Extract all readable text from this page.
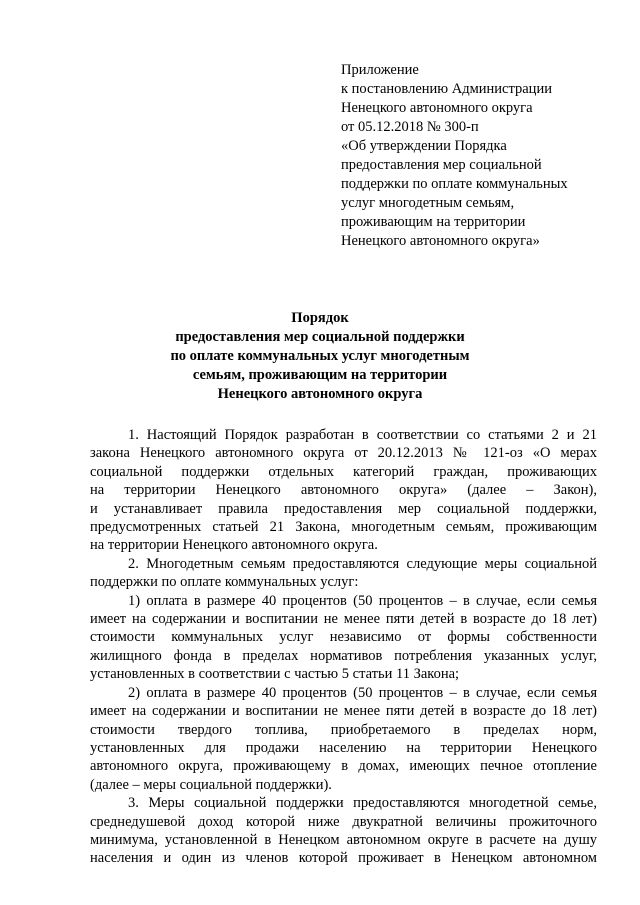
Приложение
к постановлению Администрации
Ненецкого автономного округа
от 05.12.2018 № 300-п
«Об утверждении Порядка
предоставления мер социальной
поддержки по оплате коммунальных
услуг многодетным семьям,
проживающим на территории
Ненецкого автономного округа»
Порядок
предоставления мер социальной поддержки
по оплате коммунальных услуг многодетным
семьям, проживающим на территории
Ненецкого автономного округа

1. Настоящий Порядок разработан в соответствии со статьями 2 и 21

закона Ненецкого автономного округа от 20.12.2013 № 121-оз «О мерах

социальной поддержки отдельных категорий граждан, проживающих

на территории Ненецкого автономного округа» (далее – Закон),

и устанавливает правила предоставления мер социальной поддержки,

предусмотренных статьей 21 Закона, многодетным семьям, проживающим

на территории Ненецкого автономного округа.

2. Многодетным семьям предоставляются следующие меры социальной

поддержки по оплате коммунальных услуг:

1) оплата в размере 40 процентов (50 процентов – в случае, если семья

имеет на содержании и воспитании не менее пяти детей в возрасте до 18 лет)

стоимости коммунальных услуг независимо от формы собственности

жилищного фонда в пределах нормативов потребления указанных услуг,

установленных в соответствии с частью 5 статьи 11 Закона;

2) оплата в размере 40 процентов (50 процентов – в случае, если семья

имеет на содержании и воспитании не менее пяти детей в возрасте до 18 лет)

стоимости твердого топлива, приобретаемого в пределах норм,

установленных для продажи населению на территории Ненецкого

автономного округа, проживающему в домах, имеющих печное отопление

(далее – меры социальной поддержки).

3. Меры социальной поддержки предоставляются многодетной семье,

среднедушевой доход которой ниже двукратной величины прожиточного

минимума, установленной в Ненецком автономном округе в расчете на душу

населения и один из членов которой проживает в Ненецком автономном
